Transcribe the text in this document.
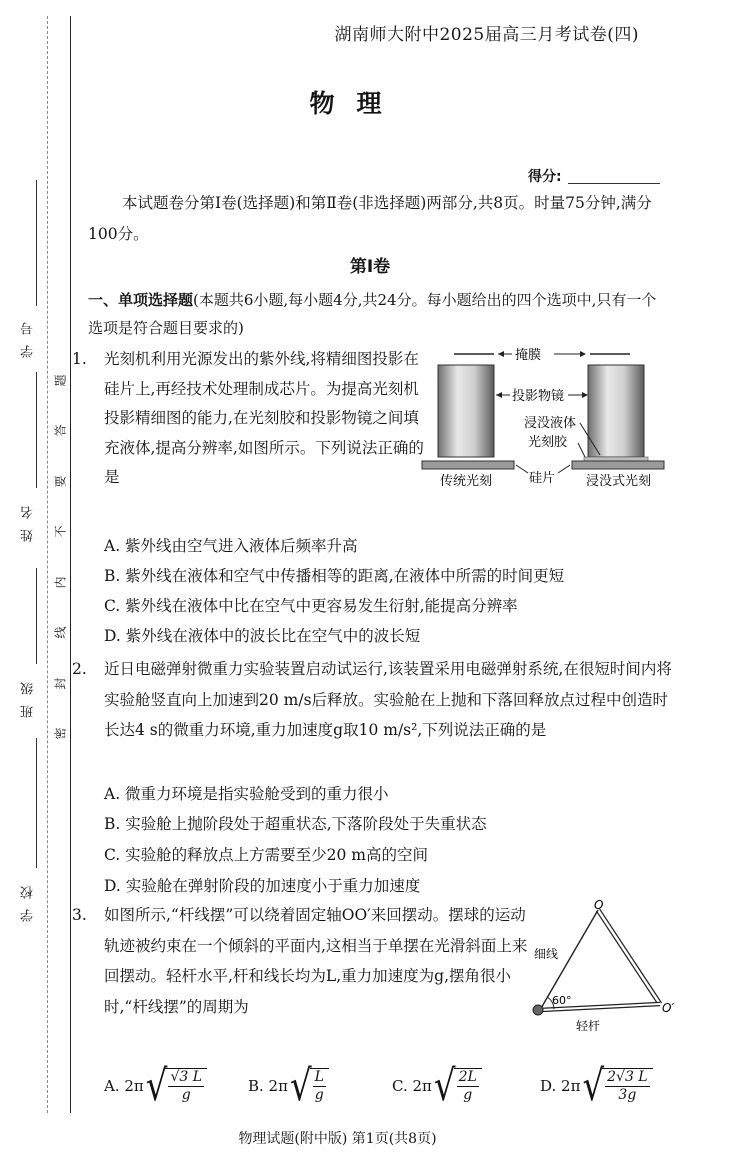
学号
姓名
班级
学校
题
答
要
不
内
线
封
密
湖南师大附中2025届高三月考试卷(四)
物理
得分:
本试题卷分第Ⅰ卷(选择题)和第Ⅱ卷(非选择题)两部分,共8页。时量75分钟,满分100分。
第Ⅰ卷
一、单项选择题(本题共6小题,每小题4分,共24分。每小题给出的四个选项中,只有一个选项是符合题目要求的)
1. 光刻机利用光源发出的紫外线,将精细图投影在硅片上,再经技术处理制成芯片。为提高光刻机投影精细图的能力,在光刻胶和投影物镜之间填充液体,提高分辨率,如图所示。下列说法正确的是
掩膜
投影物镜
浸没液体
光刻胶
硅片
传统光刻	浸没式光刻
A. 紫外线由空气进入液体后频率升高
B. 紫外线在液体和空气中传播相等的距离,在液体中所需的时间更短
C. 紫外线在液体中比在空气中更容易发生衍射,能提高分辨率
D. 紫外线在液体中的波长比在空气中的波长短
2. 近日电磁弹射微重力实验装置启动试运行,该装置采用电磁弹射系统,在很短时间内将实验舱竖直向上加速到20 m/s后释放。实验舱在上抛和下落回释放点过程中创造时长达4 s的微重力环境,重力加速度g取10 m/s²,下列说法正确的是
A. 微重力环境是指实验舱受到的重力很小
B. 实验舱上抛阶段处于超重状态,下落阶段处于失重状态
C. 实验舱的释放点上方需要至少20 m高的空间
D. 实验舱在弹射阶段的加速度小于重力加速度
3. 如图所示,“杆线摆”可以绕着固定轴OO′来回摆动。摆球的运动轨迹被约束在一个倾斜的平面内,这相当于单摆在光滑斜面上来回摆动。轻杆水平,杆和线长均为L,重力加速度为g,摆角很小时,“杆线摆”的周期为
O
O′
细线
轻杆
60°
A. 2π √
$\frac{√3 L}{g}$	B. 2π √
$\frac{L}{g}$	C. 2π √
$\frac{2L}{g}$	D. 2π √
$\frac{2√3 L}{3g}$
物理试题(附中版) 第1页(共8页)
